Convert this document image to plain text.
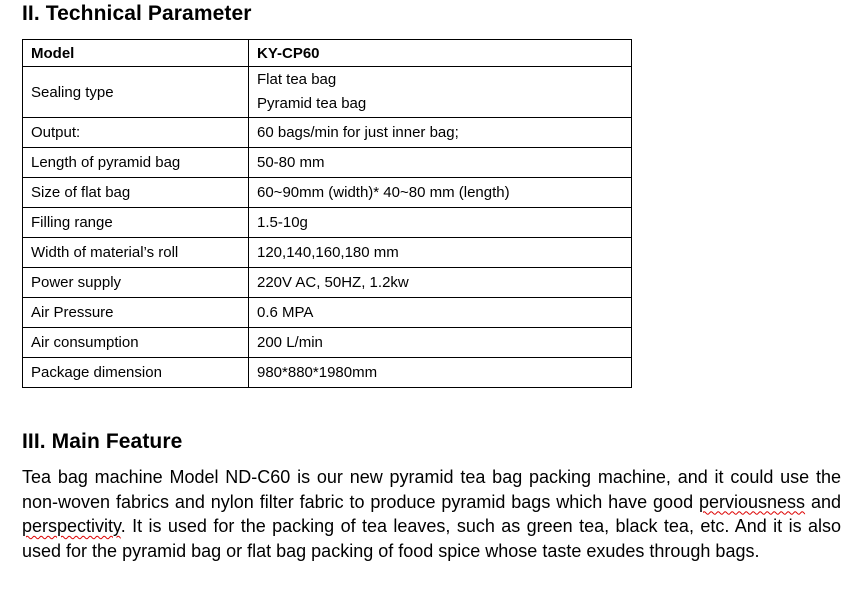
II. Technical Parameter
Model	KY-CP60
Sealing type	Flat tea bag
Pyramid tea bag

Output:	60 bags/min for just inner bag;
Length of pyramid bag	50-80 mm
Size of flat bag	60~90mm (width)* 40~80 mm (length)
Filling range	1.5-10g
Width of material’s roll	120,140,160,180 mm
Power supply	220V AC, 50HZ, 1.2kw
Air Pressure	0.6 MPA
Air consumption	200 L/min
Package dimension	980*880*1980mm
III. Main Feature
Tea bag machine Model ND-C60 is our new pyramid tea bag packing machine, and it could use the non-woven fabrics and nylon filter fabric to produce pyramid bags which have good perviousness and perspectivity. It is used for the packing of tea leaves, such as green tea, black tea, etc. And it is also used for the pyramid bag or flat bag packing of food spice whose taste exudes through bags.
